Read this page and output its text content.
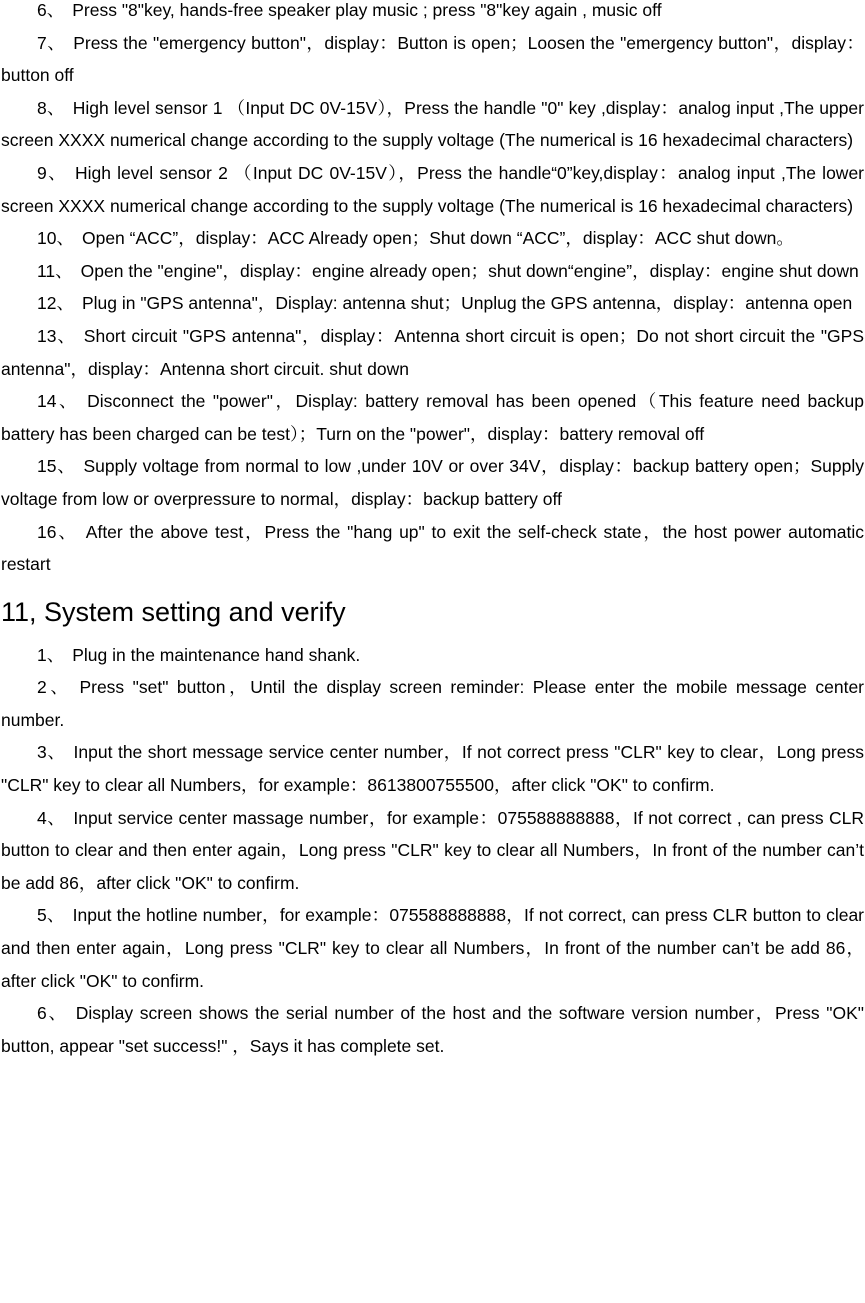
6、 Press "8"key, hands-free speaker play music ; press "8"key again , music off

7、 Press the "emergency button"，display：Button is open；Loosen the "emergency button"，display：button off

8、 High level sensor 1 （Input DC 0V-15V），Press the handle "0" key ,display：analog input ,The upper screen XXXX numerical change according to the supply voltage (The numerical is 16 hexadecimal characters)

9、 High level sensor 2 （Input DC 0V-15V），Press the handle“0”key,display：analog input ,The lower screen XXXX numerical change according to the supply voltage (The numerical is 16 hexadecimal characters)

10、 Open “ACC”，display：ACC Already open；Shut down “ACC”，display：ACC shut down。

11、 Open the "engine"，display：engine already open；shut down“engine”，display：engine shut down

12、 Plug in "GPS antenna"，Display: antenna shut；Unplug the GPS antenna，display：antenna open

13、 Short circuit "GPS antenna"，display：Antenna short circuit is open；Do not short circuit the "GPS antenna"，display：Antenna short circuit. shut down

14、 Disconnect the "power"，Display: battery removal has been opened（This feature need backup battery has been charged can be test）；Turn on the "power"，display：battery removal off

15、 Supply voltage from normal to low ,under 10V or over 34V，display：backup battery open；Supply voltage from low or overpressure to normal，display：backup battery off

16、 After the above test，Press the "hang up" to exit the self-check state，the host power automatic restart

11, System setting and verify

1、 Plug in the maintenance hand shank.

2、 Press "set" button，Until the display screen reminder: Please enter the mobile message center number.

3、 Input the short message service center number，If not correct press "CLR" key to clear，Long press "CLR" key to clear all Numbers，for example：8613800755500，after click "OK" to confirm.

4、 Input service center massage number，for example：075588888888，If not correct , can press CLR button to clear and then enter again，Long press "CLR" key to clear all Numbers，In front of the number can’t be add 86，after click "OK" to confirm.

5、 Input the hotline number，for example：075588888888，If not correct, can press CLR button to clear and then enter again，Long press "CLR" key to clear all Numbers，In front of the number can’t be add 86，after click "OK" to confirm.

6、 Display screen shows the serial number of the host and the software version number，Press "OK" button, appear "set success!" ，Says it has complete set.
